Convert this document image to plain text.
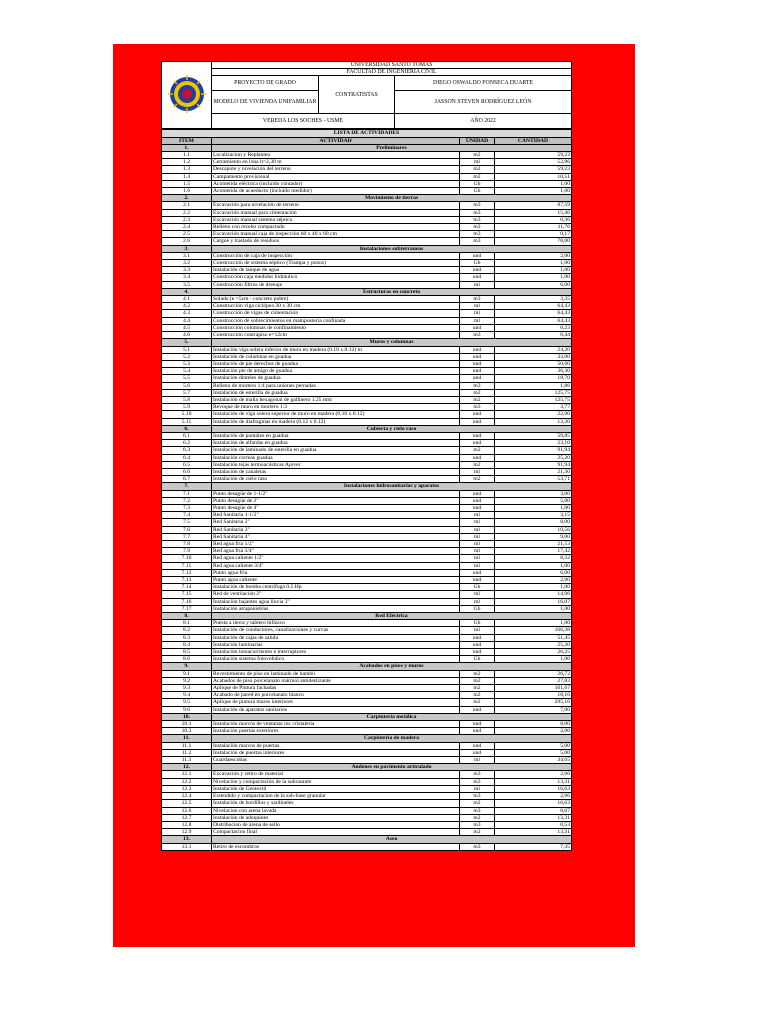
	UNIVERSIDAD SANTO TOMÁS		
	FACULTAD DE INGENIERÍA CIVIL		
	PROYECTO DE GRADO	CONTRATISTAS	DIEGO OSWALDO FONSECA DUARTE
	MODELO DE VIVIENDA UNIFAMILIAR		JASSON STEVEN RODRÍGUEZ LEÓN
	VEREDA LOS SOCHES - USME		AÑO 2022
LISTA DE ACTIVIDADES			
ITEM	ACTIVIDAD	UNIDAD	CANTIDAD
1.	Preliminares		
1.1	Localizacion y Replanteo	m2	59,23
1.2	Cerramiento en lona h=2,30 m	ml	52,86
1.3	Descapote y nivelación del terreno	m2	59,23
1.4	Campamento provisional	m2	10,51
1.5	Acometida eléctrica (incluido contador)	Gb	1,00
1.6	Acometida de acueducto (incluido medidor)	Gb	1,00
2.	Movimiento de tierras		
2.1	Excavación para nivelación de terreno	m3	87,59
2.2	Excavación manual para cimentación	m3	15,46
2.3	Excavación manual sistema séptico	m3	0,36
2.4	Relleno con recebo compactado	m3	11,76
2.5	Excavación manual caja de inspección 60 x 40 x 60 cm	m3	0,17
2.6	Cargue y traslado de residuos	m3	78,00
3.	Instalaciones subterraneas		
3.1	Construcción de caja de inspección	und	2,00
3.2	Construcción de sistema séptico (Trampa y pozos)	Gb	1,00
3.3	Instalación de tanque de agua	und	1,00
3.4	Construcción caja medidor hidráulico	und	1,00
3.5	Construcción filtros de drenaje	ml	6,00
4.	Estructuras en concreto		
4.1	Solado (e =5cm - concreto pobre)	m3	3,35
4.2	Construcción viga ciclópea 30 x 30 cm	ml	64,43
4.3	Construcción de vigas de cimentación	ml	64,43
4.4	Construcción de sobrecimientos en mampostería confinada	ml	64,43
4.5	Construcción columnas de confinamiento	und	0,23
4.6	Construcción contrapiso e=12cm	m3	6,44
5.	Muros y columnas		
5.1	Instalación viga solera inferior de muro en madera (0.10 x 0.12) m	und	24,20
5.2	Instalación de columnas en guadua	und	33,00
5.3	Instalación de pie derechos de guadua	und	50,60
5.4	Instalación pie de amigo de guadua	und	36,30
5.5	Instalación dinteles de guadua	und	18,70
5.6	Relleno de mortero 1:4 para uniones pernadas	m3	1,86
5.7	Instalación de esterilla de guadua	m2	125,75
5.8	Instalación de malla hexagonal de gallinero 1.25 mm	m2	125,75
5.9	Revoque de muro en mortero 1:3	m3	3,77
5.10	Instalación de viga solera superior de muro en madera (0.10 x 0.12)	und	22,00
5.11	Instalación de diafragmas en madera (0.12 x 0.12)	und	13,20
6.	Cubierta y cielo raso		
6.1	Instalación de puntales en guadua	und	59,85
6.2	Instalación de alfardas en guadua	und	23,10
6.3	Instalación de laminado de esterilla en guadua	m2	91,94
6.4	Instalación correas guadua	und	25,20
6.5	Instalación tejas termoacústicas Ajover	m2	91,94
6.6	Instalación de canaletas	ml	21,30
6.7	Instalación de cielo raso	m2	53,71
7.	Instalaciones hidrosanitarias y aparatos		
7.1	Punto desagüe de 1-1/2"	und	3,00
7.2	Punto desagüe de 2"	und	5,00
7.3	Punto desagüe de 4"	und	1,00
7.4	Red Sanitaria 1-1/2"	ml	3,15
7.5	Red Sanitaria 2"	ml	8,00
7.6	Red Sanitaria 3"	ml	10,56
7.7	Red Sanitaria 4"	ml	9,00
7.8	Red agua fría 1/2"	ml	21,53
7.9	Red agua fría 3/4"	ml	17,42
7.10	Red agua caliente 1/2"	ml	8,32
7.11	Red agua caliente 3/4"	ml	1,00
7.12	Punto agua fría	und	6,00
7.13	Punto agua caliente	und	2,00
7.14	Instalación de bomba centrífuga 0.5 Hp	Gb	1,00
7.15	Red de ventilación 2"	ml	14,96
7.16	Instalación bajantes agua lluvia 3"	ml	16,07
7.17	Instalación atrapanieblas	Gb	1,00
8.	Red Eléctrica		
8.1	Puesta a tierra y tablero bifásico	Gb	1,00
8.2	Instalación de conductores, canalizaciones y curvas	ml	166,38
8.3	Instalación de cajas de salida	und	51,45
8.4	Instalación luminarias	und	25,20
8.5	Instalación tomacorrientes e interruptores	und	26,25
8.6	Instalación sistema fotovoltáico	Gb	1,00
9.	Acabados en pisos y muros		
9.1	Revestimiento de piso en laminado de bambú	m2	26,72
9.2	Acabados de piso porcelanato mármol antideslizante	m2	27,83
9.3	Aplique de Pintura fachadas	m2	161,67
9.4	Acabado de pared en porcelanato blanco	m2	18,16
9.5	Aplique de pintura muros interiores	m2	295,16
9.6	Instalación de aparatos sanitarios	und	7,00
10.	Carpintería metálica		
10.1	Instalación marcos de ventanas inc cristalería	und	8,00
10.2	Instalación puertas exteriores	und	2,00
11.	Carpintería de madera		
11.1	Instalación marcos de puertas	und	5,00
11.2	Instalación de puertas interiores	und	5,00
11.3	Guardaescobas	ml	34,65
12.	Andenes en pavimento articulado		
12.1	Excavación y retiro de material	m3	2,66
12.2	Nivelación y compactación de la subrasante	m3	13,31
12.3	Instalación de Geotextil	ml	16,63
12.4	Extendido y compactacion de la sub-base granular	m3	2,66
12.5	Instalación de bordillos y sardineles	m2	16,63
12.6	Nivelacion con arena lavada	m3	0,67
12.7	Instalación de adoquines	m2	13,31
12.8	Distribucion de arena de sello	m3	0,53
12.9	Compactacion final	m2	13,31
13.	Aseo		
13.1	Retiro de escombros	m3	7,35
